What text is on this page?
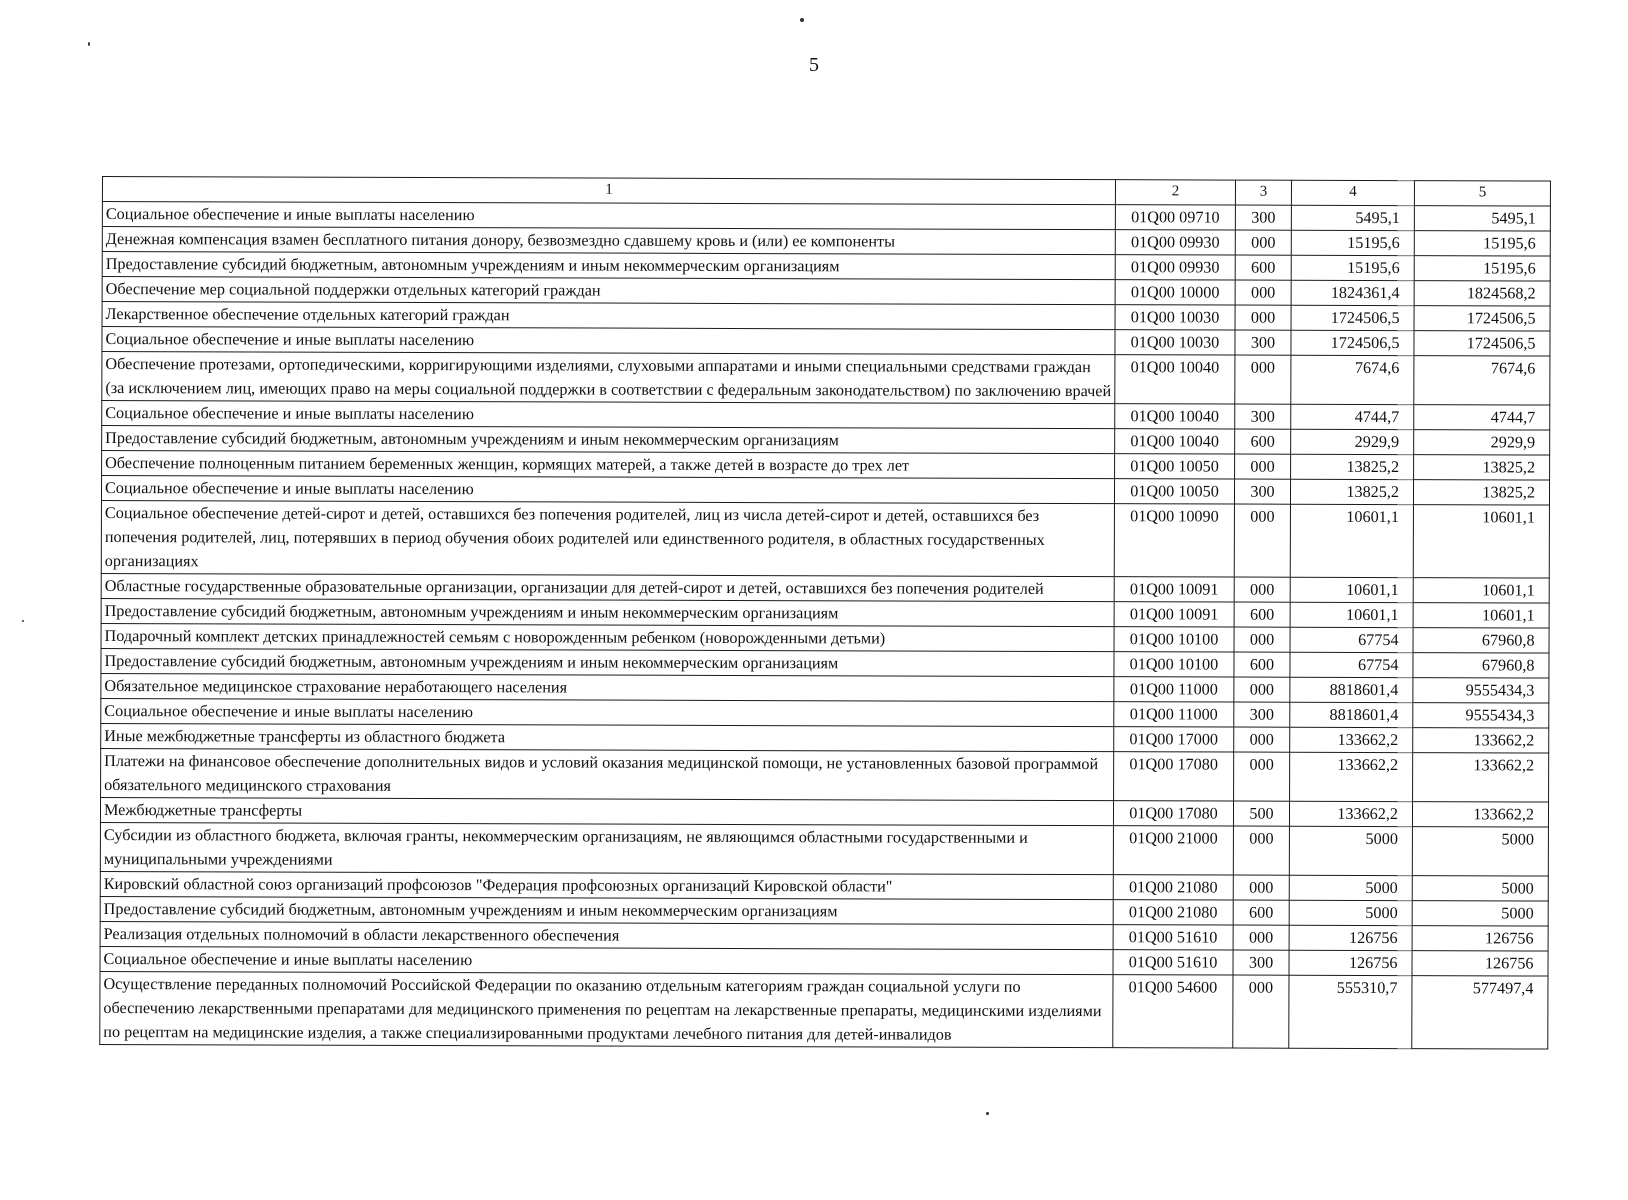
5
1	2	3	4	5
Социальное обеспечение и иные выплаты населению	01Q00 09710	300	5495,1	5495,1
Денежная компенсация взамен бесплатного питания донору, безвозмездно сдавшему кровь и (или) ее компоненты	01Q00 09930	000	15195,6	15195,6
Предоставление субсидий бюджетным, автономным учреждениям и иным некоммерческим организациям	01Q00 09930	600	15195,6	15195,6
Обеспечение мер социальной поддержки отдельных категорий граждан	01Q00 10000	000	1824361,4	1824568,2
Лекарственное обеспечение отдельных категорий граждан	01Q00 10030	000	1724506,5	1724506,5
Социальное обеспечение и иные выплаты населению	01Q00 10030	300	1724506,5	1724506,5
Обеспечение протезами, ортопедическими, корригирующими изделиями, слуховыми аппаратами и иными специальными средствами граждан (за исключением лиц, имеющих право на меры социальной поддержки в соответствии с федеральным законодательством) по заключению врачей	01Q00 10040	000	7674,6	7674,6
Социальное обеспечение и иные выплаты населению	01Q00 10040	300	4744,7	4744,7
Предоставление субсидий бюджетным, автономным учреждениям и иным некоммерческим организациям	01Q00 10040	600	2929,9	2929,9
Обеспечение полноценным питанием беременных женщин, кормящих матерей, а также детей в возрасте до трех лет	01Q00 10050	000	13825,2	13825,2
Социальное обеспечение и иные выплаты населению	01Q00 10050	300	13825,2	13825,2
Социальное обеспечение детей-сирот и детей, оставшихся без попечения родителей, лиц из числа детей-сирот и детей, оставшихся без попечения родителей, лиц, потерявших в период обучения обоих родителей или единственного родителя, в областных государственных организациях	01Q00 10090	000	10601,1	10601,1
Областные государственные образовательные организации, организации для детей-сирот и детей, оставшихся без попечения родителей	01Q00 10091	000	10601,1	10601,1
Предоставление субсидий бюджетным, автономным учреждениям и иным некоммерческим организациям	01Q00 10091	600	10601,1	10601,1
Подарочный комплект детских принадлежностей семьям с новорожденным ребенком (новорожденными детьми)	01Q00 10100	000	67754	67960,8
Предоставление субсидий бюджетным, автономным учреждениям и иным некоммерческим организациям	01Q00 10100	600	67754	67960,8
Обязательное медицинское страхование неработающего населения	01Q00 11000	000	8818601,4	9555434,3
Социальное обеспечение и иные выплаты населению	01Q00 11000	300	8818601,4	9555434,3
Иные межбюджетные трансферты из областного бюджета	01Q00 17000	000	133662,2	133662,2
Платежи на финансовое обеспечение дополнительных видов и условий оказания медицинской помощи, не установленных базовой программой обязательного медицинского страхования	01Q00 17080	000	133662,2	133662,2
Межбюджетные трансферты	01Q00 17080	500	133662,2	133662,2
Субсидии из областного бюджета, включая гранты, некоммерческим организациям, не являющимся областными государственными и муниципальными учреждениями	01Q00 21000	000	5000	5000
Кировский областной союз организаций профсоюзов "Федерация профсоюзных организаций Кировской области"	01Q00 21080	000	5000	5000
Предоставление субсидий бюджетным, автономным учреждениям и иным некоммерческим организациям	01Q00 21080	600	5000	5000
Реализация отдельных полномочий в области лекарственного обеспечения	01Q00 51610	000	126756	126756
Социальное обеспечение и иные выплаты населению	01Q00 51610	300	126756	126756
Осуществление переданных полномочий Российской Федерации по оказанию отдельным категориям граждан социальной услуги по обеспечению лекарственными препаратами для медицинского применения по рецептам на лекарственные препараты, медицинскими изделиями по рецептам на медицинские изделия, а также специализированными продуктами лечебного питания для детей-инвалидов	01Q00 54600	000	555310,7	577497,4
